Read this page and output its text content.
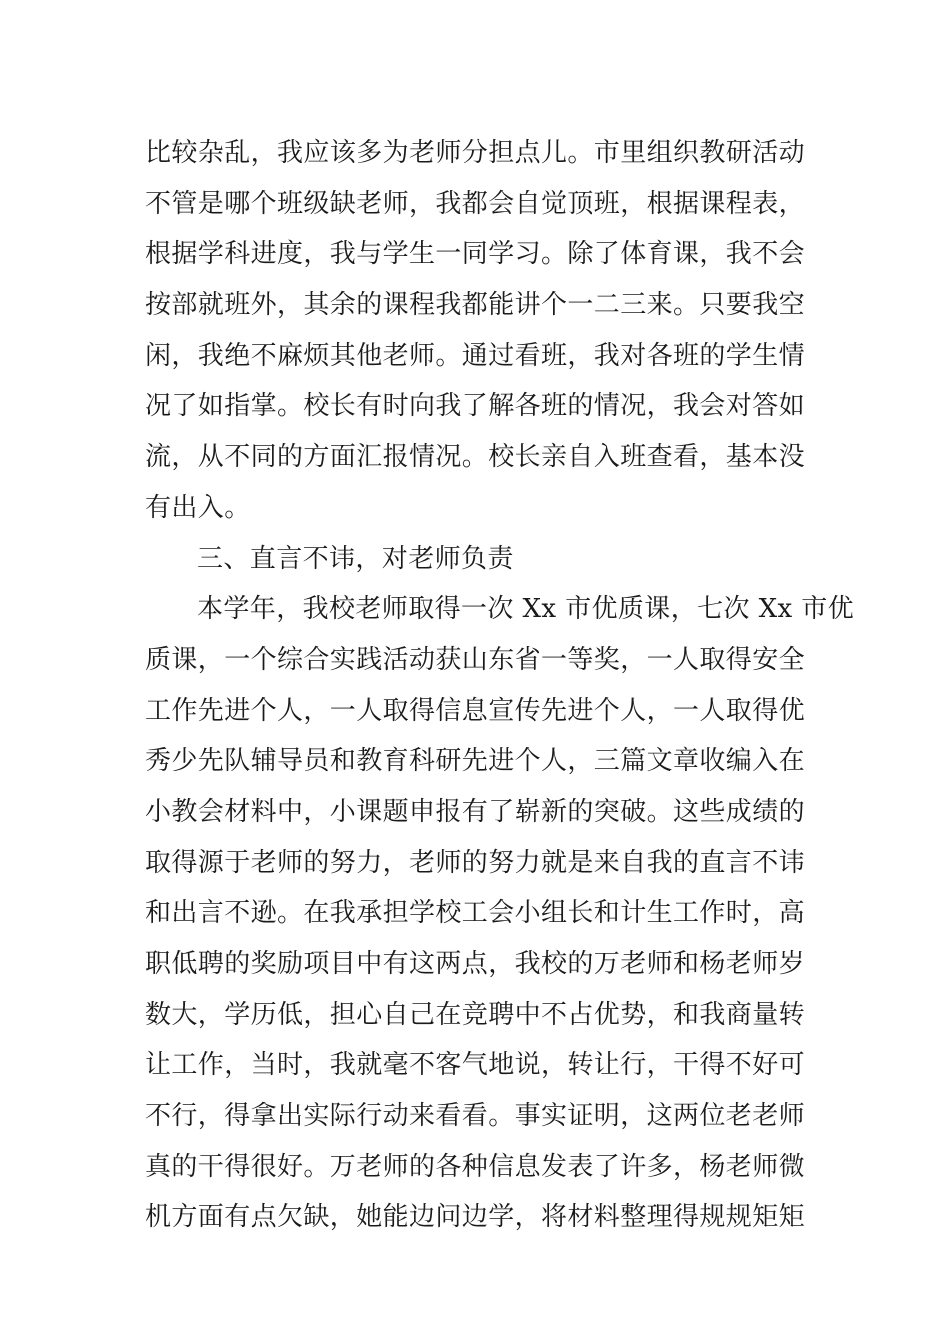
比较杂乱，我应该多为老师分担点儿。市里组织教研活动
不管是哪个班级缺老师，我都会自觉顶班，根据课程表，
根据学科进度，我与学生一同学习。除了体育课，我不会
按部就班外，其余的课程我都能讲个一二三来。只要我空
闲，我绝不麻烦其他老师。通过看班，我对各班的学生情
况了如指掌。校长有时向我了解各班的情况，我会对答如
流，从不同的方面汇报情况。校长亲自入班查看，基本没
有出入。
三、直言不讳，对老师负责
本学年，我校老师取得一次 Xx 市优质课，七次 Xx 市优
质课，一个综合实践活动获山东省一等奖，一人取得安全
工作先进个人，一人取得信息宣传先进个人，一人取得优
秀少先队辅导员和教育科研先进个人，三篇文章收编入在
小教会材料中，小课题申报有了崭新的突破。这些成绩的
取得源于老师的努力，老师的努力就是来自我的直言不讳
和出言不逊。在我承担学校工会小组长和计生工作时，高
职低聘的奖励项目中有这两点，我校的万老师和杨老师岁
数大，学历低，担心自己在竞聘中不占优势，和我商量转
让工作，当时，我就毫不客气地说，转让行，干得不好可
不行，得拿出实际行动来看看。事实证明，这两位老老师
真的干得很好。万老师的各种信息发表了许多，杨老师微
机方面有点欠缺，她能边问边学，将材料整理得规规矩矩
